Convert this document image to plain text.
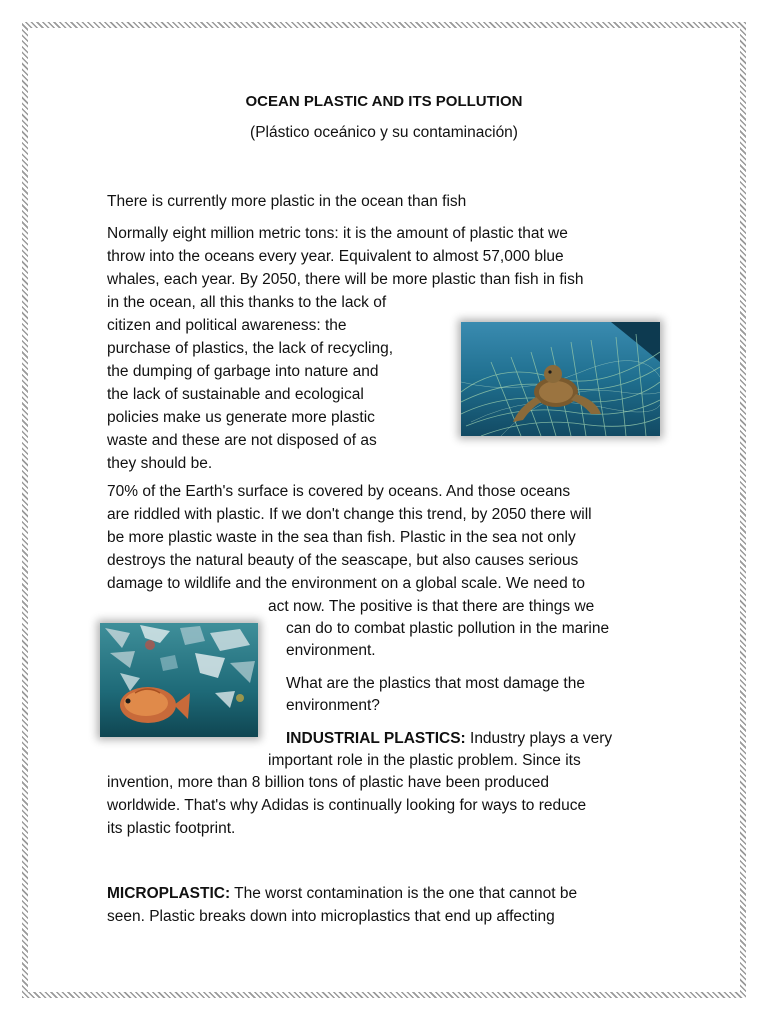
OCEAN PLASTIC AND ITS POLLUTION
(Plástico oceánico y su contaminación)
There is currently more plastic in the ocean than fish
Normally eight million metric tons: it is the amount of plastic that we
throw into the oceans every year. Equivalent to almost 57,000 blue
whales, each year. By 2050, there will be more plastic than fish in fish
in the ocean, all this thanks to the lack of
citizen and political awareness: the
purchase of plastics, the lack of recycling,
the dumping of garbage into nature and
the lack of sustainable and ecological
policies make us generate more plastic
waste and these are not disposed of as
they should be.
70% of the Earth's surface is covered by oceans. And those oceans
are riddled with plastic. If we don't change this trend, by 2050 there will
be more plastic waste in the sea than fish. Plastic in the sea not only
destroys the natural beauty of the seascape, but also causes serious
damage to wildlife and the environment on a global scale. We need to
act now. The positive is that there are things we
can do to combat plastic pollution in the marine
environment.
What are the plastics that most damage the
environment?
INDUSTRIAL PLASTICS: Industry plays a very
important role in the plastic problem. Since its
invention, more than 8 billion tons of plastic have been produced
worldwide. That's why Adidas is continually looking for ways to reduce
its plastic footprint.
MICROPLASTIC: The worst contamination is the one that cannot be
seen. Plastic breaks down into microplastics that end up affecting
